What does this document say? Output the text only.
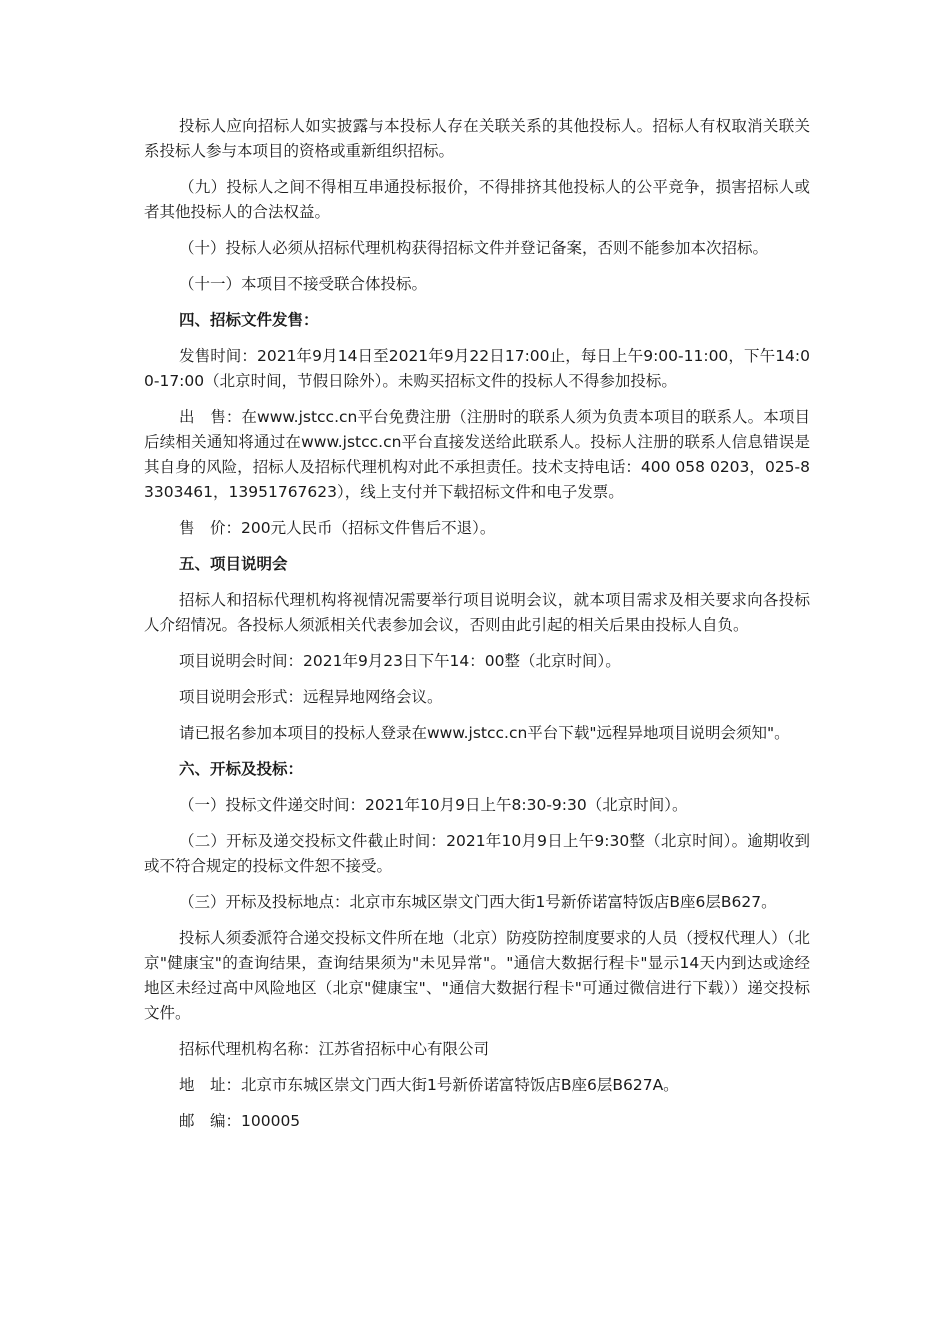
投标人应向招标人如实披露与本投标人存在关联关系的其他投标人。招标人有权取消关联关系投标人参与本项目的资格或重新组织招标。

（九）投标人之间不得相互串通投标报价，不得排挤其他投标人的公平竞争，损害招标人或者其他投标人的合法权益。

（十）投标人必须从招标代理机构获得招标文件并登记备案，否则不能参加本次招标。

（十一）本项目不接受联合体投标。

四、招标文件发售：

发售时间：2021年9月14日至2021年9月22日17:00止，每日上午9:00-11:00，下午14:00-17:00（北京时间，节假日除外）。未购买招标文件的投标人不得参加投标。

出　售：在www.jstcc.cn平台免费注册（注册时的联系人须为负责本项目的联系人。本项目后续相关通知将通过在www.jstcc.cn平台直接发送给此联系人。投标人注册的联系人信息错误是其自身的风险，招标人及招标代理机构对此不承担责任。技术支持电话：400 058 0203，025-83303461，13951767623），线上支付并下载招标文件和电子发票。

售　价：200元人民币（招标文件售后不退）。

五、项目说明会

招标人和招标代理机构将视情况需要举行项目说明会议，就本项目需求及相关要求向各投标人介绍情况。各投标人须派相关代表参加会议，否则由此引起的相关后果由投标人自负。

项目说明会时间：2021年9月23日下午14：00整（北京时间）。

项目说明会形式：远程异地网络会议。

请已报名参加本项目的投标人登录在www.jstcc.cn平台下载"远程异地项目说明会须知"。

六、开标及投标：

（一）投标文件递交时间：2021年10月9日上午8:30-9:30（北京时间）。

（二）开标及递交投标文件截止时间：2021年10月9日上午9:30整（北京时间）。逾期收到或不符合规定的投标文件恕不接受。

（三）开标及投标地点：北京市东城区崇文门西大街1号新侨诺富特饭店B座6层B627。

投标人须委派符合递交投标文件所在地（北京）防疫防控制度要求的人员（授权代理人）（北京"健康宝"的查询结果，查询结果须为"未见异常"。"通信大数据行程卡"显示14天内到达或途经地区未经过高中风险地区（北京"健康宝"、"通信大数据行程卡"可通过微信进行下载））递交投标文件。

招标代理机构名称：江苏省招标中心有限公司

地　址：北京市东城区崇文门西大街1号新侨诺富特饭店B座6层B627A。

邮　编：100005
